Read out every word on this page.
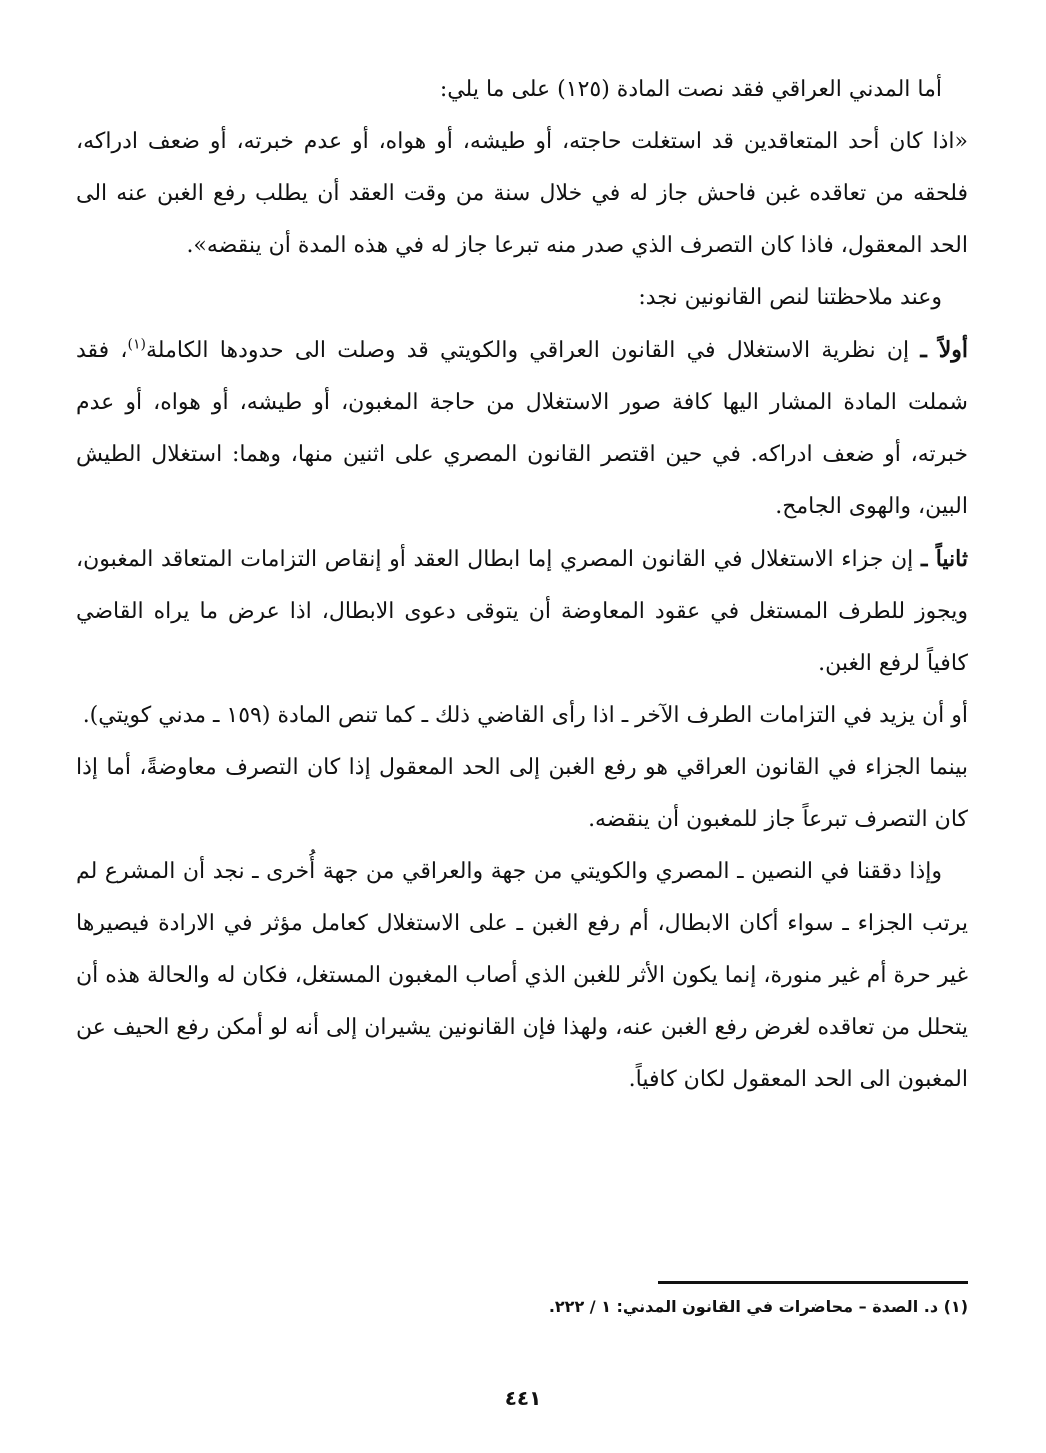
أما المدني العراقي فقد نصت المادة (١٢٥) على ما يلي:

«اذا كان أحد المتعاقدين قد استغلت حاجته، أو طيشه، أو هواه، أو عدم خبرته، أو ضعف ادراكه، فلحقه من تعاقده غبن فاحش جاز له في خلال سنة من وقت العقد أن يطلب رفع الغبن عنه الى الحد المعقول، فاذا كان التصرف الذي صدر منه تبرعا جاز له في هذه المدة أن ينقضه».

وعند ملاحظتنا لنص القانونين نجد:

أولاً ـ إن نظرية الاستغلال في القانون العراقي والكويتي قد وصلت الى حدودها الكاملة$^{(١)}$، فقد شملت المادة المشار اليها كافة صور الاستغلال من حاجة المغبون، أو طيشه، أو هواه، أو عدم خبرته، أو ضعف ادراكه. في حين اقتصر القانون المصري على اثنين منها، وهما: استغلال الطيش البين، والهوى الجامح.

ثانياً ـ إن جزاء الاستغلال في القانون المصري إما ابطال العقد أو إنقاص التزامات المتعاقد المغبون، ويجوز للطرف المستغل في عقود المعاوضة أن يتوقى دعوى الابطال، اذا عرض ما يراه القاضي كافياً لرفع الغبن.

أو أن يزيد في التزامات الطرف الآخر ـ اذا رأى القاضي ذلك ـ كما تنص المادة (١٥٩ ـ مدني كويتي).

بينما الجزاء في القانون العراقي هو رفع الغبن إلى الحد المعقول إذا كان التصرف معاوضةً، أما إذا كان التصرف تبرعاً جاز للمغبون أن ينقضه.

وإذا دققنا في النصين ـ المصري والكويتي من جهة والعراقي من جهة أُخرى ـ نجد أن المشرع لم يرتب الجزاء ـ سواء أكان الابطال، أم رفع الغبن ـ على الاستغلال كعامل مؤثر في الارادة فيصيرها غير حرة أم غير منورة، إنما يكون الأثر للغبن الذي أصاب المغبون المستغل، فكان له والحالة هذه أن يتحلل من تعاقده لغرض رفع الغبن عنه، ولهذا فإن القانونين يشيران إلى أنه لو أمكن رفع الحيف عن المغبون الى الحد المعقول لكان كافياً.

(١) د. الصدة – محاضرات في القانون المدني: ١ / ٢٢٢.
٤٤١
